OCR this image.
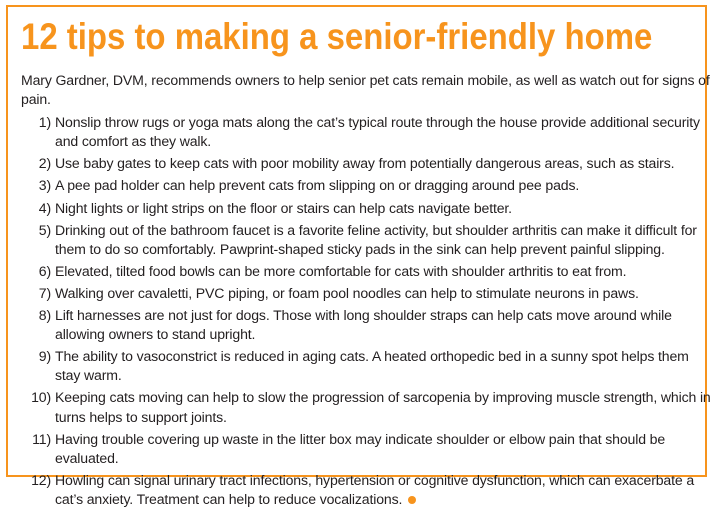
12 tips to making a senior-friendly home

Mary Gardner, DVM, recommends owners to help senior pet cats remain mobile, as well as watch out for signs of pain.

1) Nonslip throw rugs or yoga mats along the cat’s typical route through the house provide additional security and comfort as they walk.
2) Use baby gates to keep cats with poor mobility away from potentially dangerous areas, such as stairs.
3) A pee pad holder can help prevent cats from slipping on or dragging around pee pads.
4) Night lights or light strips on the floor or stairs can help cats navigate better.
5) Drinking out of the bathroom faucet is a favorite feline activity, but shoulder arthritis can make it difficult for them to do so comfortably. Pawprint-shaped sticky pads in the sink can help prevent painful slipping.
6) Elevated, tilted food bowls can be more comfortable for cats with shoulder arthritis to eat from.
7) Walking over cavaletti, PVC piping, or foam pool noodles can help to stimulate neurons in paws.
8) Lift harnesses are not just for dogs. Those with long shoulder straps can help cats move around while allowing owners to stand upright.
9) The ability to vasoconstrict is reduced in aging cats. A heated orthopedic bed in a sunny spot helps them stay warm.
10) Keeping cats moving can help to slow the progression of sarcopenia by improving muscle strength, which in turns helps to support joints.
11) Having trouble covering up waste in the litter box may indicate shoulder or elbow pain that should be evaluated.
12) Howling can signal urinary tract infections, hypertension or cognitive dysfunction, which can exacerbate a cat’s anxiety. Treatment can help to reduce vocalizations.
